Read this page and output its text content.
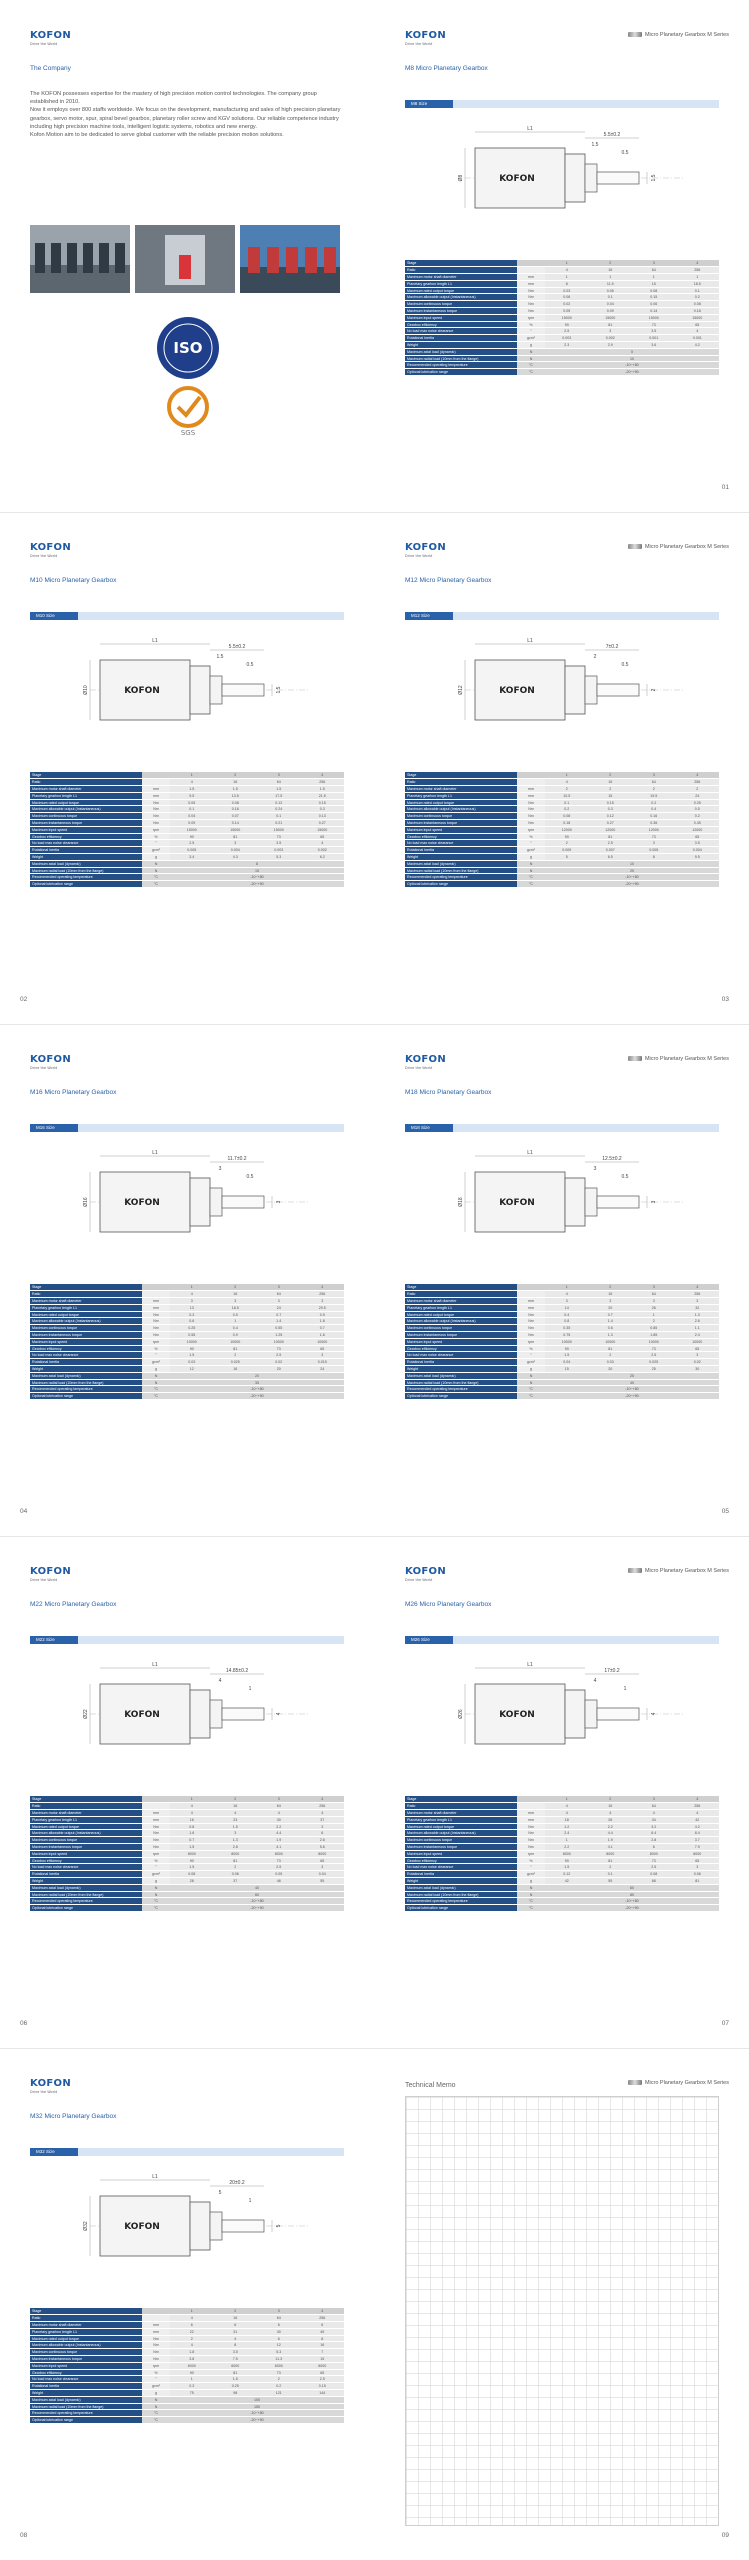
KOFON
Drive the World
The Company
The KOFON possesses expertise for the mastery of high precision motion control technologies. The company group established in 2010.
Now it employs over 800 staffs worldwide. We focus on the development, manufacturing and sales of high precision planetary gearbox, servo motor, spur, spiral bevel gearbox, planetary roller screw and KGV solutions. Our reliable competence industry including high precision machine tools, intelligent logistic systems, robotics and new energy.
Kofon Motion aim to be dedicated to serve global customer with the reliable precision motion solutions.
ISO
9001
SGS
KOFON
Drive the World
Micro Planetary Gearbox M Series
M8 Micro Planetary Gearbox
M8 Size
L1
5.5±0.2
1.5
0.5
1.5
Ø8	KOFON
Stage		1	2	3	4
Ratio		4	16	64	256
Maximum motor shaft diameter	mm	1	1	1	1
Planetary gearbox length L1	mm	8	11.5	15	18.5
Maximum rated output torque	Nm	0.03	0.05	0.08	0.1
Maximum allowable output (Instantaneous)	Nm	0.06	0.1	0.15	0.2
Maximum continuous torque	Nm	0.02	0.04	0.06	0.08
Maximum instantaneous torque	Nm	0.05	0.09	0.14	0.18
Maximum input speed	rpm	15000	15000	15000	15000
Gearbox efficiency	%	90	81	73	65
No load max noise clearance	°	2.5	3	3.5	4
Rotational inertia	gcm²	0.003	0.002	0.001	0.001
Weight	g	2.3	2.9	3.6	4.2
Maximum axial load (dynamic)	N	5			
Maximum radial load (10mm from the flange)	N	10			
Recommended operating temperature	°C	-10~+80			
Optional lubrication range	°C	-20~+90			
01
KOFON
Drive the World
M10 Micro Planetary Gearbox
M10 Size
L1
5.5±0.2
1.5
0.5
1.5
Ø10	KOFON
Stage		1	2	3	4
Ratio		4	16	64	256
Maximum motor shaft diameter	mm	1.5	1.5	1.5	1.5
Planetary gearbox length L1	mm	9.5	13.5	17.5	21.5
Maximum rated output torque	Nm	0.05	0.08	0.12	0.15
Maximum allowable output (Instantaneous)	Nm	0.1	0.16	0.24	0.3
Maximum continuous torque	Nm	0.04	0.07	0.1	0.13
Maximum instantaneous torque	Nm	0.09	0.14	0.21	0.27
Maximum input speed	rpm	15000	15000	15000	15000
Gearbox efficiency	%	90	81	73	65
No load max noise clearance	°	2.5	3	3.5	4
Rotational inertia	gcm²	0.005	0.004	0.003	0.002
Weight	g	3.4	4.3	5.3	6.2
Maximum axial load (dynamic)	N	8			
Maximum radial load (10mm from the flange)	N	15			
Recommended operating temperature	°C	-10~+80			
Optional lubrication range	°C	-20~+90			
02
KOFON
Drive the World
Micro Planetary Gearbox M Series
M12 Micro Planetary Gearbox
M12 Size
L1
7±0.2
2
0.5
2
Ø12	KOFON
Stage		1	2	3	4
Ratio		4	16	64	256
Maximum motor shaft diameter	mm	2	2	2	2
Planetary gearbox length L1	mm	10.5	15	19.5	24
Maximum rated output torque	Nm	0.1	0.15	0.2	0.25
Maximum allowable output (Instantaneous)	Nm	0.2	0.3	0.4	0.5
Maximum continuous torque	Nm	0.08	0.12	0.16	0.2
Maximum instantaneous torque	Nm	0.18	0.27	0.36	0.45
Maximum input speed	rpm	12000	12000	12000	12000
Gearbox efficiency	%	90	81	73	65
No load max noise clearance	°	2	2.5	3	3.5
Rotational inertia	gcm²	0.009	0.007	0.005	0.004
Weight	g	5	6.5	8	9.5
Maximum axial load (dynamic)	N	10			
Maximum radial load (10mm from the flange)	N	20			
Recommended operating temperature	°C	-10~+80			
Optional lubrication range	°C	-20~+90			
03
KOFON
Drive the World
M16 Micro Planetary Gearbox
M16 Size
L1
11.7±0.2
3
0.5
3
Ø16	KOFON
Stage		1	2	3	4
Ratio		4	16	64	256
Maximum motor shaft diameter	mm	3	3	3	3
Planetary gearbox length L1	mm	13	18.5	24	29.5
Maximum rated output torque	Nm	0.3	0.5	0.7	0.9
Maximum allowable output (Instantaneous)	Nm	0.6	1	1.4	1.8
Maximum continuous torque	Nm	0.25	0.4	0.55	0.7
Maximum instantaneous torque	Nm	0.55	0.9	1.25	1.6
Maximum input speed	rpm	10000	10000	10000	10000
Gearbox efficiency	%	90	81	73	65
No load max noise clearance	°	1.5	2	2.5	3
Rotational inertia	gcm²	0.03	0.025	0.02	0.015
Weight	g	12	16	20	24
Maximum axial load (dynamic)	N	20			
Maximum radial load (10mm from the flange)	N	35			
Recommended operating temperature	°C	-10~+80			
Optional lubrication range	°C	-20~+90			
04
KOFON
Drive the World
Micro Planetary Gearbox M Series
M18 Micro Planetary Gearbox
M18 Size
L1
12.5±0.2
3
0.5
3
Ø18	KOFON
Stage		1	2	3	4
Ratio		4	16	64	256
Maximum motor shaft diameter	mm	3	3	3	3
Planetary gearbox length L1	mm	14	20	26	32
Maximum rated output torque	Nm	0.4	0.7	1	1.3
Maximum allowable output (Instantaneous)	Nm	0.8	1.4	2	2.6
Maximum continuous torque	Nm	0.35	0.6	0.85	1.1
Maximum instantaneous torque	Nm	0.75	1.3	1.85	2.4
Maximum input speed	rpm	10000	10000	10000	10000
Gearbox efficiency	%	90	81	73	65
No load max noise clearance	°	1.5	2	2.5	3
Rotational inertia	gcm²	0.04	0.03	0.025	0.02
Weight	g	15	20	25	30
Maximum axial load (dynamic)	N	25			
Maximum radial load (10mm from the flange)	N	40			
Recommended operating temperature	°C	-10~+80			
Optional lubrication range	°C	-20~+90			
05
KOFON
Drive the World
M22 Micro Planetary Gearbox
M22 Size
L1
14.85±0.2
4
1
4
Ø22	KOFON
Stage		1	2	3	4
Ratio		4	16	64	256
Maximum motor shaft diameter	mm	4	4	4	4
Planetary gearbox length L1	mm	16	23	30	37
Maximum rated output torque	Nm	0.8	1.5	2.2	3
Maximum allowable output (Instantaneous)	Nm	1.6	3	4.4	6
Maximum continuous torque	Nm	0.7	1.3	1.9	2.6
Maximum instantaneous torque	Nm	1.5	2.8	4.1	5.6
Maximum input speed	rpm	8000	8000	8000	8000
Gearbox efficiency	%	90	81	73	65
No load max noise clearance	°	1.5	2	2.5	3
Rotational inertia	gcm²	0.08	0.06	0.05	0.04
Weight	g	28	37	46	55
Maximum axial load (dynamic)	N	40			
Maximum radial load (10mm from the flange)	N	60			
Recommended operating temperature	°C	-10~+80			
Optional lubrication range	°C	-20~+90			
06
KOFON
Drive the World
Micro Planetary Gearbox M Series
M26 Micro Planetary Gearbox
M26 Size
L1
17±0.2
4
1
4
Ø26	KOFON
Stage		1	2	3	4
Ratio		4	16	64	256
Maximum motor shaft diameter	mm	4	4	4	4
Planetary gearbox length L1	mm	18	26	34	42
Maximum rated output torque	Nm	1.2	2.2	3.2	4.2
Maximum allowable output (Instantaneous)	Nm	2.4	4.4	6.4	8.4
Maximum continuous torque	Nm	1	1.9	2.8	3.7
Maximum instantaneous torque	Nm	2.2	4.1	6	7.9
Maximum input speed	rpm	8000	8000	8000	8000
Gearbox efficiency	%	90	81	73	65
No load max noise clearance	°	1.5	2	2.5	3
Rotational inertia	gcm²	0.12	0.1	0.08	0.06
Weight	g	42	55	68	81
Maximum axial load (dynamic)	N	60			
Maximum radial load (10mm from the flange)	N	80			
Recommended operating temperature	°C	-10~+80			
Optional lubrication range	°C	-20~+90			
07
KOFON
Drive the World
M32 Micro Planetary Gearbox
M32 Size
L1
20±0.2
5
1
5
Ø32	KOFON
Stage		1	2	3	4
Ratio		4	16	64	256
Maximum motor shaft diameter	mm	6	6	6	6
Planetary gearbox length L1	mm	22	31	40	49
Maximum rated output torque	Nm	2	4	6	8
Maximum allowable output (Instantaneous)	Nm	4	8	12	16
Maximum continuous torque	Nm	1.8	3.5	5.3	7
Maximum instantaneous torque	Nm	3.8	7.5	11.3	15
Maximum input speed	rpm	6000	6000	6000	6000
Gearbox efficiency	%	90	81	73	65
No load max noise clearance	°	1	1.5	2	2.5
Rotational inertia	gcm²	0.3	0.25	0.2	0.15
Weight	g	75	98	121	144
Maximum axial load (dynamic)	N	100			
Maximum radial load (10mm from the flange)	N	150			
Recommended operating temperature	°C	-10~+80			
Optional lubrication range	°C	-20~+90			
08
Micro Planetary Gearbox M Series
Technical Memo
09
